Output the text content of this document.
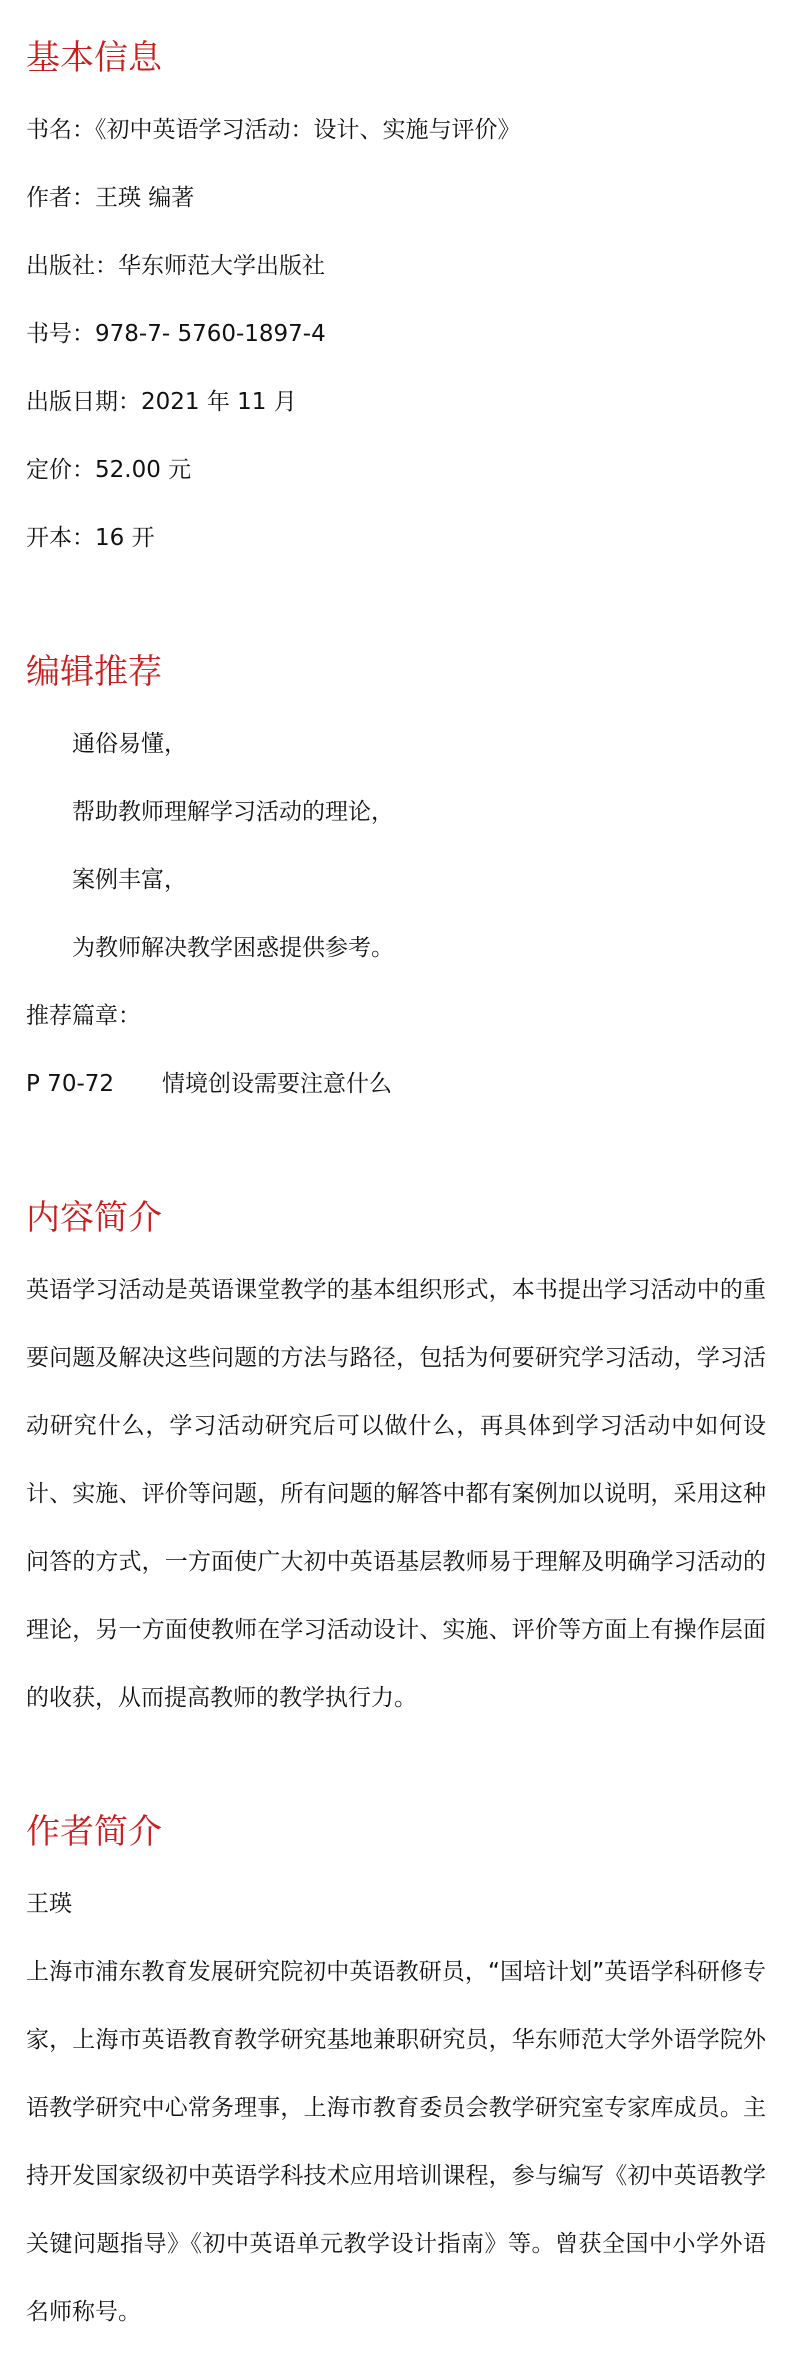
基本信息

书名：《初中英语学习活动：设计、实施与评价》

作者：王瑛 编著

出版社：华东师范大学出版社

书号：978-7- 5760-1897-4

出版日期：2021 年 11 月

定价：52.00 元

开本：16 开

编辑推荐

通俗易懂，

帮助教师理解学习活动的理论，

案例丰富，

为教师解决教学困惑提供参考。

推荐篇章：

P 70-72 情境创设需要注意什么

内容简介

英语学习活动是英语课堂教学的基本组织形式，本书提出学习活动中的重要问题及解决这些问题的方法与路径，包括为何要研究学习活动，学习活动研究什么，学习活动研究后可以做什么，再具体到学习活动中如何设计、实施、评价等问题，所有问题的解答中都有案例加以说明，采用这种问答的方式，一方面使广大初中英语基层教师易于理解及明确学习活动的理论，另一方面使教师在学习活动设计、实施、评价等方面上有操作层面的收获，从而提高教师的教学执行力。

作者简介

王瑛

上海市浦东教育发展研究院初中英语教研员，“国培计划”英语学科研修专家，上海市英语教育教学研究基地兼职研究员，华东师范大学外语学院外语教学研究中心常务理事，上海市教育委员会教学研究室专家库成员。主持开发国家级初中英语学科技术应用培训课程，参与编写《初中英语教学关键问题指导》《初中英语单元教学设计指南》等。曾获全国中小学外语名师称号。
